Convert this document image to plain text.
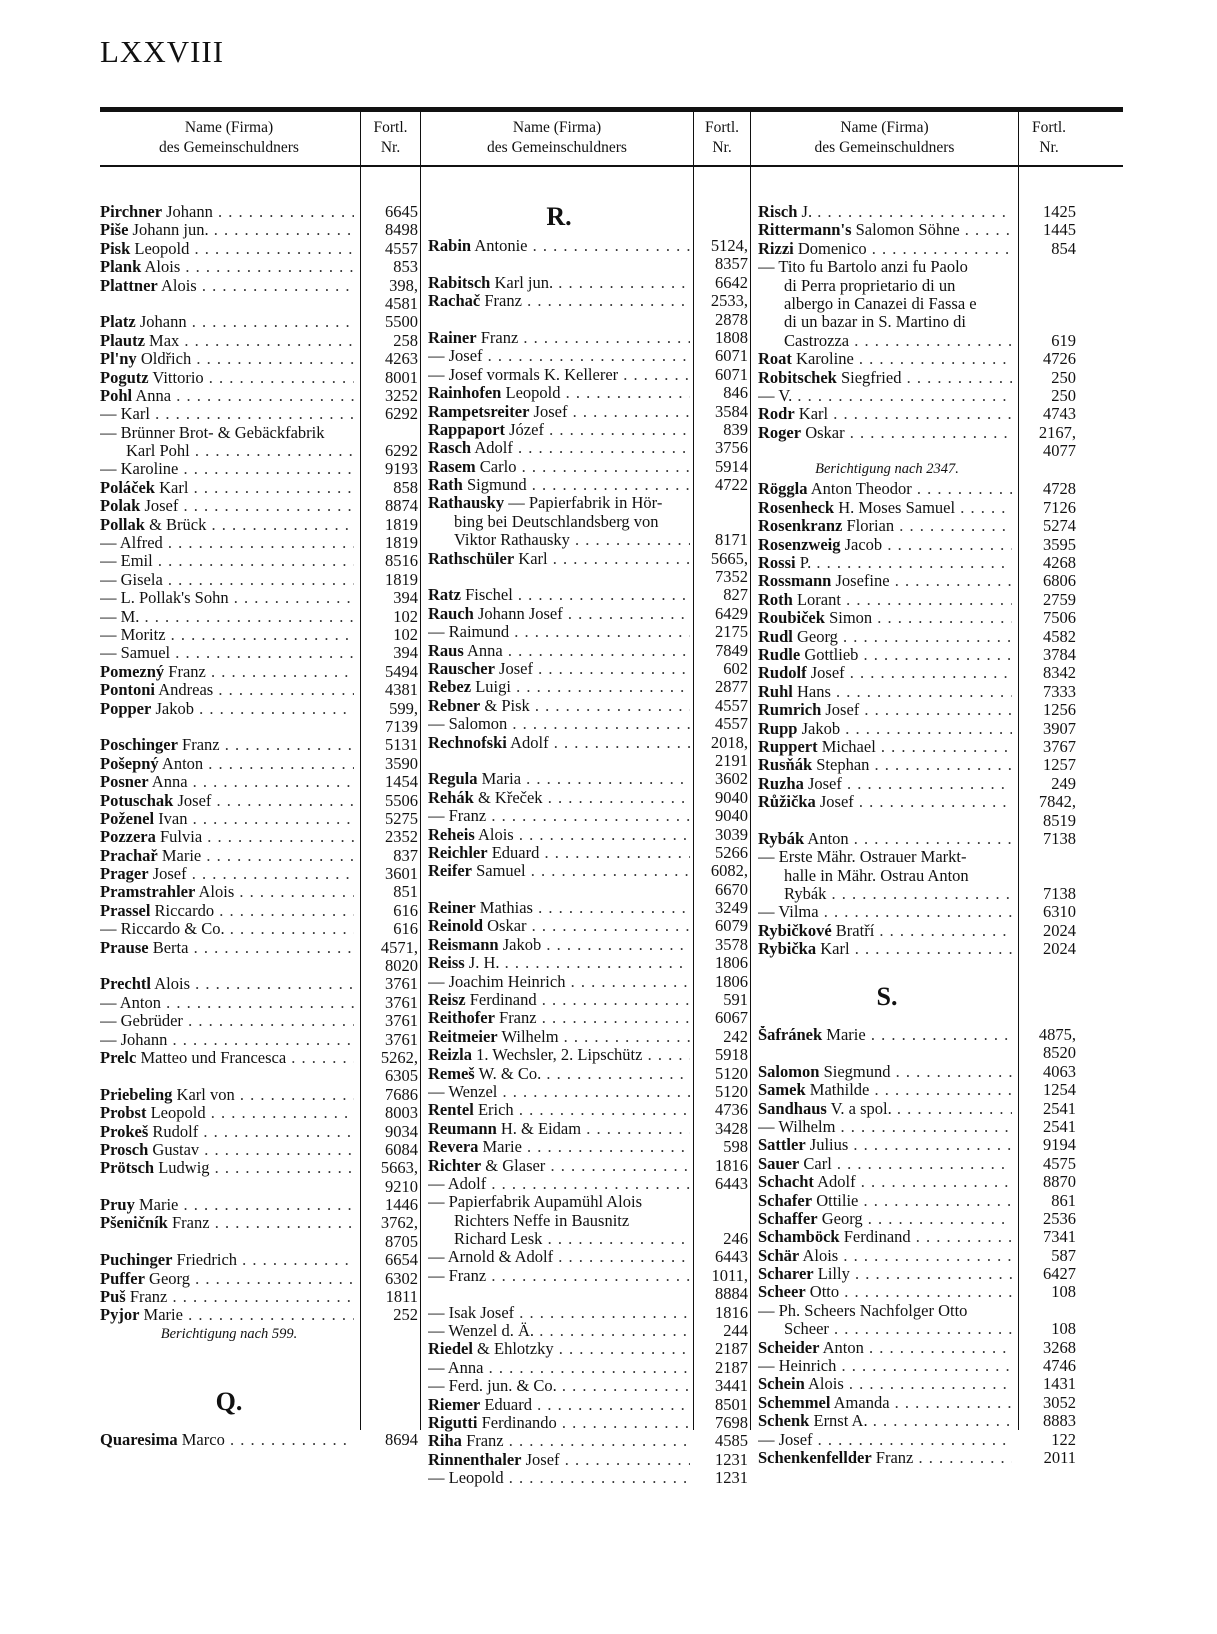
LXXVIII
Name (Firma)
des Gemeinschuldners
Fortl.
Nr.
Name (Firma)
des Gemeinschuldners
Fortl.
Nr.
Name (Firma)
des Gemeinschuldners
Fortl.
Nr.
Pirchner Johann . . .	6645
Piše Johann jun. . . .	8498
Pisk Leopold . . .	4557
Plank Alois . . .	853
Plattner Alois . . .	398,
4581
Platz Johann . . .	5500
Plautz Max . . .	258
Pl'ny Oldřich . . .	4263
Pogutz Vittorio . . .	8001
Pohl Anna . . .	3252
— Karl . . .	6292
— Brünner Brot- & Gebäckfabrik
Karl Pohl . . .	6292
— Karoline . . .	9193
Poláček Karl . . .	858
Polak Josef . . .	8874
Pollak & Brück . . .	1819
— Alfred . . .	1819
— Emil . . .	8516
— Gisela . . .	1819
— L. Pollak's Sohn . . .	394
— M. . . .	102
— Moritz . . .	102
— Samuel . . .	394
Pomezný Franz . . .	5494
Pontoni Andreas . . .	4381
Popper Jakob . . .	599,
7139
Poschinger Franz . . .	5131
Pošepný Anton . . .	3590
Posner Anna . . .	1454
Potuschak Josef . . .	5506
Poženel Ivan . . .	5275
Pozzera Fulvia . . .	2352
Prachař Marie . . .	837
Prager Josef . . .	3601
Pramstrahler Alois . . .	851
Prassel Riccardo . . .	616
— Riccardo & Co. . . .	616
Prause Berta . . .	4571,
8020
Prechtl Alois . . .	3761
— Anton . . .	3761
— Gebrüder . . .	3761
— Johann . . .	3761
Prelc Matteo und Francesca . . .	5262,
6305
Priebeling Karl von . . .	7686
Probst Leopold . . .	8003
Prokeš Rudolf . . .	9034
Prosch Gustav . . .	6084
Prötsch Ludwig . . .	5663,
9210
Pruy Marie . . .	1446
Pšeničník Franz . . .	3762,
8705
Puchinger Friedrich . . .	6654
Puffer Georg . . .	6302
Puš Franz . . .	1811
Pyjor Marie . . .	252
Berichtigung nach 599.
Q.
Quaresima Marco . . .	8694
R.
Rabin Antonie . . .	5124,
8357
Rabitsch Karl jun. . . .	6642
Rachač Franz . . .	2533,
2878
Rainer Franz . . .	1808
— Josef . . .	6071
— Josef vormals K. Kellerer . . .	6071
Rainhofen Leopold . . .	846
Rampetsreiter Josef . . .	3584
Rappaport Józef . . .	839
Rasch Adolf . . .	3756
Rasem Carlo . . .	5914
Rath Sigmund . . .	4722
Rathausky — Papierfabrik in Hör-
bing bei Deutschlandsberg von
Viktor Rathausky . . .	8171
Rathschüler Karl . . .	5665,
7352
Ratz Fischel . . .	827
Rauch Johann Josef . . .	6429
— Raimund . . .	2175
Raus Anna . . .	7849
Rauscher Josef . . .	602
Rebez Luigi . . .	2877
Rebner & Pisk . . .	4557
— Salomon . . .	4557
Rechnofski Adolf . . .	2018,
2191
Regula Maria . . .	3602
Rehák & Křeček . . .	9040
— Franz . . .	9040
Reheis Alois . . .	3039
Reichler Eduard . . .	5266
Reifer Samuel . . .	6082,
6670
Reiner Mathias . . .	3249
Reinold Oskar . . .	6079
Reismann Jakob . . .	3578
Reiss J. H. . . .	1806
— Joachim Heinrich . . .	1806
Reisz Ferdinand . . .	591
Reithofer Franz . . .	6067
Reitmeier Wilhelm . . .	242
Reizla 1. Wechsler, 2. Lipschütz . . .	5918
Remeš W. & Co. . . .	5120
— Wenzel . . .	5120
Rentel Erich . . .	4736
Reumann H. & Eidam . . .	3428
Revera Marie . . .	598
Richter & Glaser . . .	1816
— Adolf . . .	6443
— Papierfabrik Aupamühl Alois
Richters Neffe in Bausnitz
Richard Lesk . . .	246
— Arnold & Adolf . . .	6443
— Franz . . .	1011,
8884
— Isak Josef . . .	1816
— Wenzel d. Ä. . . .	244
Riedel & Ehlotzky . . .	2187
— Anna . . .	2187
— Ferd. jun. & Co. . . .	3441
Riemer Eduard . . .	8501
Rigutti Ferdinando . . .	7698
Riha Franz . . .	4585
Rinnenthaler Josef . . .	1231
— Leopold . . .	1231
Risch J. . . .	1425
Rittermann's Salomon Söhne . . .	1445
Rizzi Domenico . . .	854
— Tito fu Bartolo anzi fu Paolo
di Perra proprietario di un
albergo in Canazei di Fassa e
di un bazar in S. Martino di
Castrozza . . .	619
Roat Karoline . . .	4726
Robitschek Siegfried . . .	250
— V. . . .	250
Rodr Karl . . .	4743
Roger Oskar . . .	2167,
4077
Berichtigung nach 2347.
Röggla Anton Theodor . . .	4728
Rosenheck H. Moses Samuel . . .	7126
Rosenkranz Florian . . .	5274
Rosenzweig Jacob . . .	3595
Rossi P. . . .	4268
Rossmann Josefine . . .	6806
Roth Lorant . . .	2759
Roubiček Simon . . .	7506
Rudl Georg . . .	4582
Rudle Gottlieb . . .	3784
Rudolf Josef . . .	8342
Ruhl Hans . . .	7333
Rumrich Josef . . .	1256
Rupp Jakob . . .	3907
Ruppert Michael . . .	3767
Rusňák Stephan . . .	1257
Ruzha Josef . . .	249
Růžička Josef . . .	7842,
8519
Rybák Anton . . .	7138
— Erste Mähr. Ostrauer Markt-
halle in Mähr. Ostrau Anton
Rybák . . .	7138
— Vilma . . .	6310
Rybičkové Bratří . . .	2024
Rybička Karl . . .	2024
S.
Šafránek Marie . . .	4875,
8520
Salomon Siegmund . . .	4063
Samek Mathilde . . .	1254
Sandhaus V. a spol. . . .	2541
— Wilhelm . . .	2541
Sattler Julius . . .	9194
Sauer Carl . . .	4575
Schacht Adolf . . .	8870
Schafer Ottilie . . .	861
Schaffer Georg . . .	2536
Schamböck Ferdinand . . .	7341
Schär Alois . . .	587
Scharer Lilly . . .	6427
Scheer Otto . . .	108
— Ph. Scheers Nachfolger Otto
Scheer . . .	108
Scheider Anton . . .	3268
— Heinrich . . .	4746
Schein Alois . . .	1431
Schemmel Amanda . . .	3052
Schenk Ernst A. . . .	8883
— Josef . . .	122
Schenkenfellder Franz . . .	2011
